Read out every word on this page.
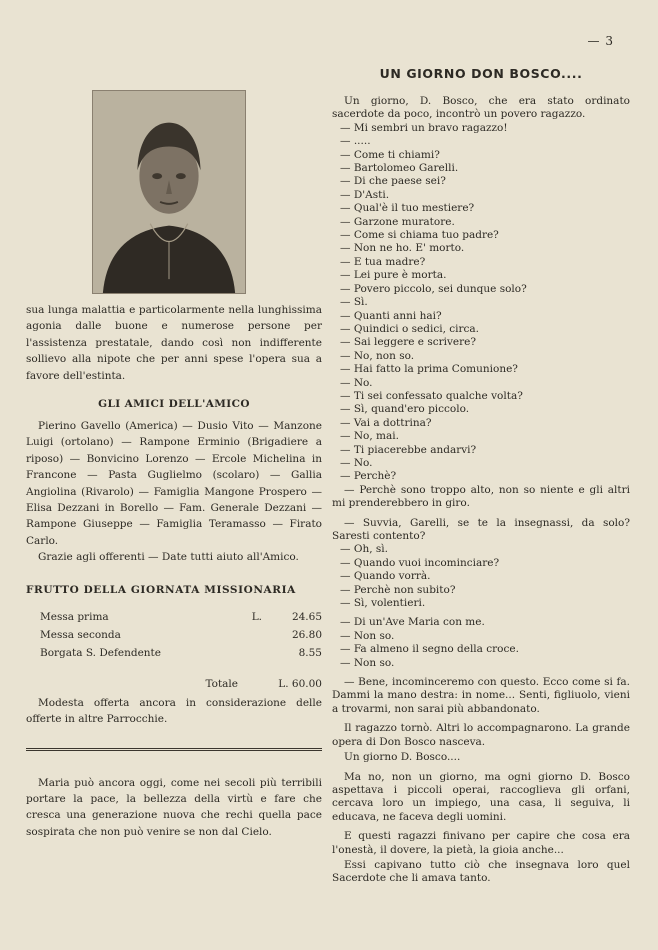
— 3

sua lunga malattia e particolarmente nella lunghissima agonia dalle buone e numerose persone per l'assistenza prestatale, dando così non indifferente sollievo alla nipote che per anni spese l'opera sua a favore dell'estinta.

GLI AMICI DELL'AMICO

Pierino Gavello (America) — Dusio Vito — Manzone Luigi (ortolano) — Rampone Erminio (Brigadiere a riposo) — Bonvicino Lorenzo — Ercole Michelina in Francone — Pasta Guglielmo (scolaro) — Gallia Angiolina (Rivarolo) — Famiglia Mangone Prospero — Elisa Dezzani in Borello — Fam. Generale Dezzani — Rampone Giuseppe — Famiglia Teramasso — Firato Carlo.

Grazie agli offerenti — Date tutti aiuto all'Amico.

FRUTTO DELLA GIORNATA MISSIONARIA
Messa prima	L.	24.65
Messa seconda		26.80
Borgata S. Defendente		8.55
Totale		L. 60.00

Modesta offerta ancora in considerazione delle offerte in altre Parrocchie.

Maria può ancora oggi, come nei secoli più terribili portare la pace, la bellezza della virtù e fare che cresca una generazione nuova che rechi quella pace sospirata che non può venire se non dal Cielo.

UN GIORNO DON BOSCO....

Un giorno, D. Bosco, che era stato ordinato sacerdote da poco, incontrò un povero ragazzo.

— Mi sembri un bravo ragazzo!
— .....
— Come ti chiami?
— Bartolomeo Garelli.
— Di che paese sei?
— D'Asti.
— Qual'è il tuo mestiere?
— Garzone muratore.
— Come si chiama tuo padre?
— Non ne ho. E' morto.
— E tua madre?
— Lei pure è morta.
— Povero piccolo, sei dunque solo?
— Sì.
— Quanti anni hai?
— Quindici o sedici, circa.
— Sai leggere e scrivere?
— No, non so.
— Hai fatto la prima Comunione?
— No.
— Ti sei confessato qualche volta?
— Sì, quand'ero piccolo.
— Vai a dottrina?
— No, mai.
— Ti piacerebbe andarvi?
— No.
— Perchè?

— Perchè sono troppo alto, non so niente e gli altri mi prenderebbero in giro.

— Suvvia, Garelli, se te la insegnassi, da solo? Saresti contento?

— Oh, sì.
— Quando vuoi incominciare?
— Quando vorrà.
— Perchè non subito?
— Sì, volentieri.
— Di un'Ave Maria con me.
— Non so.
— Fa almeno il segno della croce.
— Non so.

— Bene, incominceremo con questo. Ecco come si fa. Dammi la mano destra: in nome... Senti, figliuolo, vieni a trovarmi, non sarai più abbandonato.

Il ragazzo tornò. Altri lo accompagnarono. La grande opera di Don Bosco nasceva.

Un giorno D. Bosco....

Ma no, non un giorno, ma ogni giorno D. Bosco aspettava i piccoli operai, raccoglieva gli orfani, cercava loro un impiego, una casa, li seguiva, li educava, ne faceva degli uomini.

E questi ragazzi finivano per capire che cosa era l'onestà, il dovere, la pietà, la gioia anche...

Essi capivano tutto ciò che insegnava loro quel Sacerdote che li amava tanto.
